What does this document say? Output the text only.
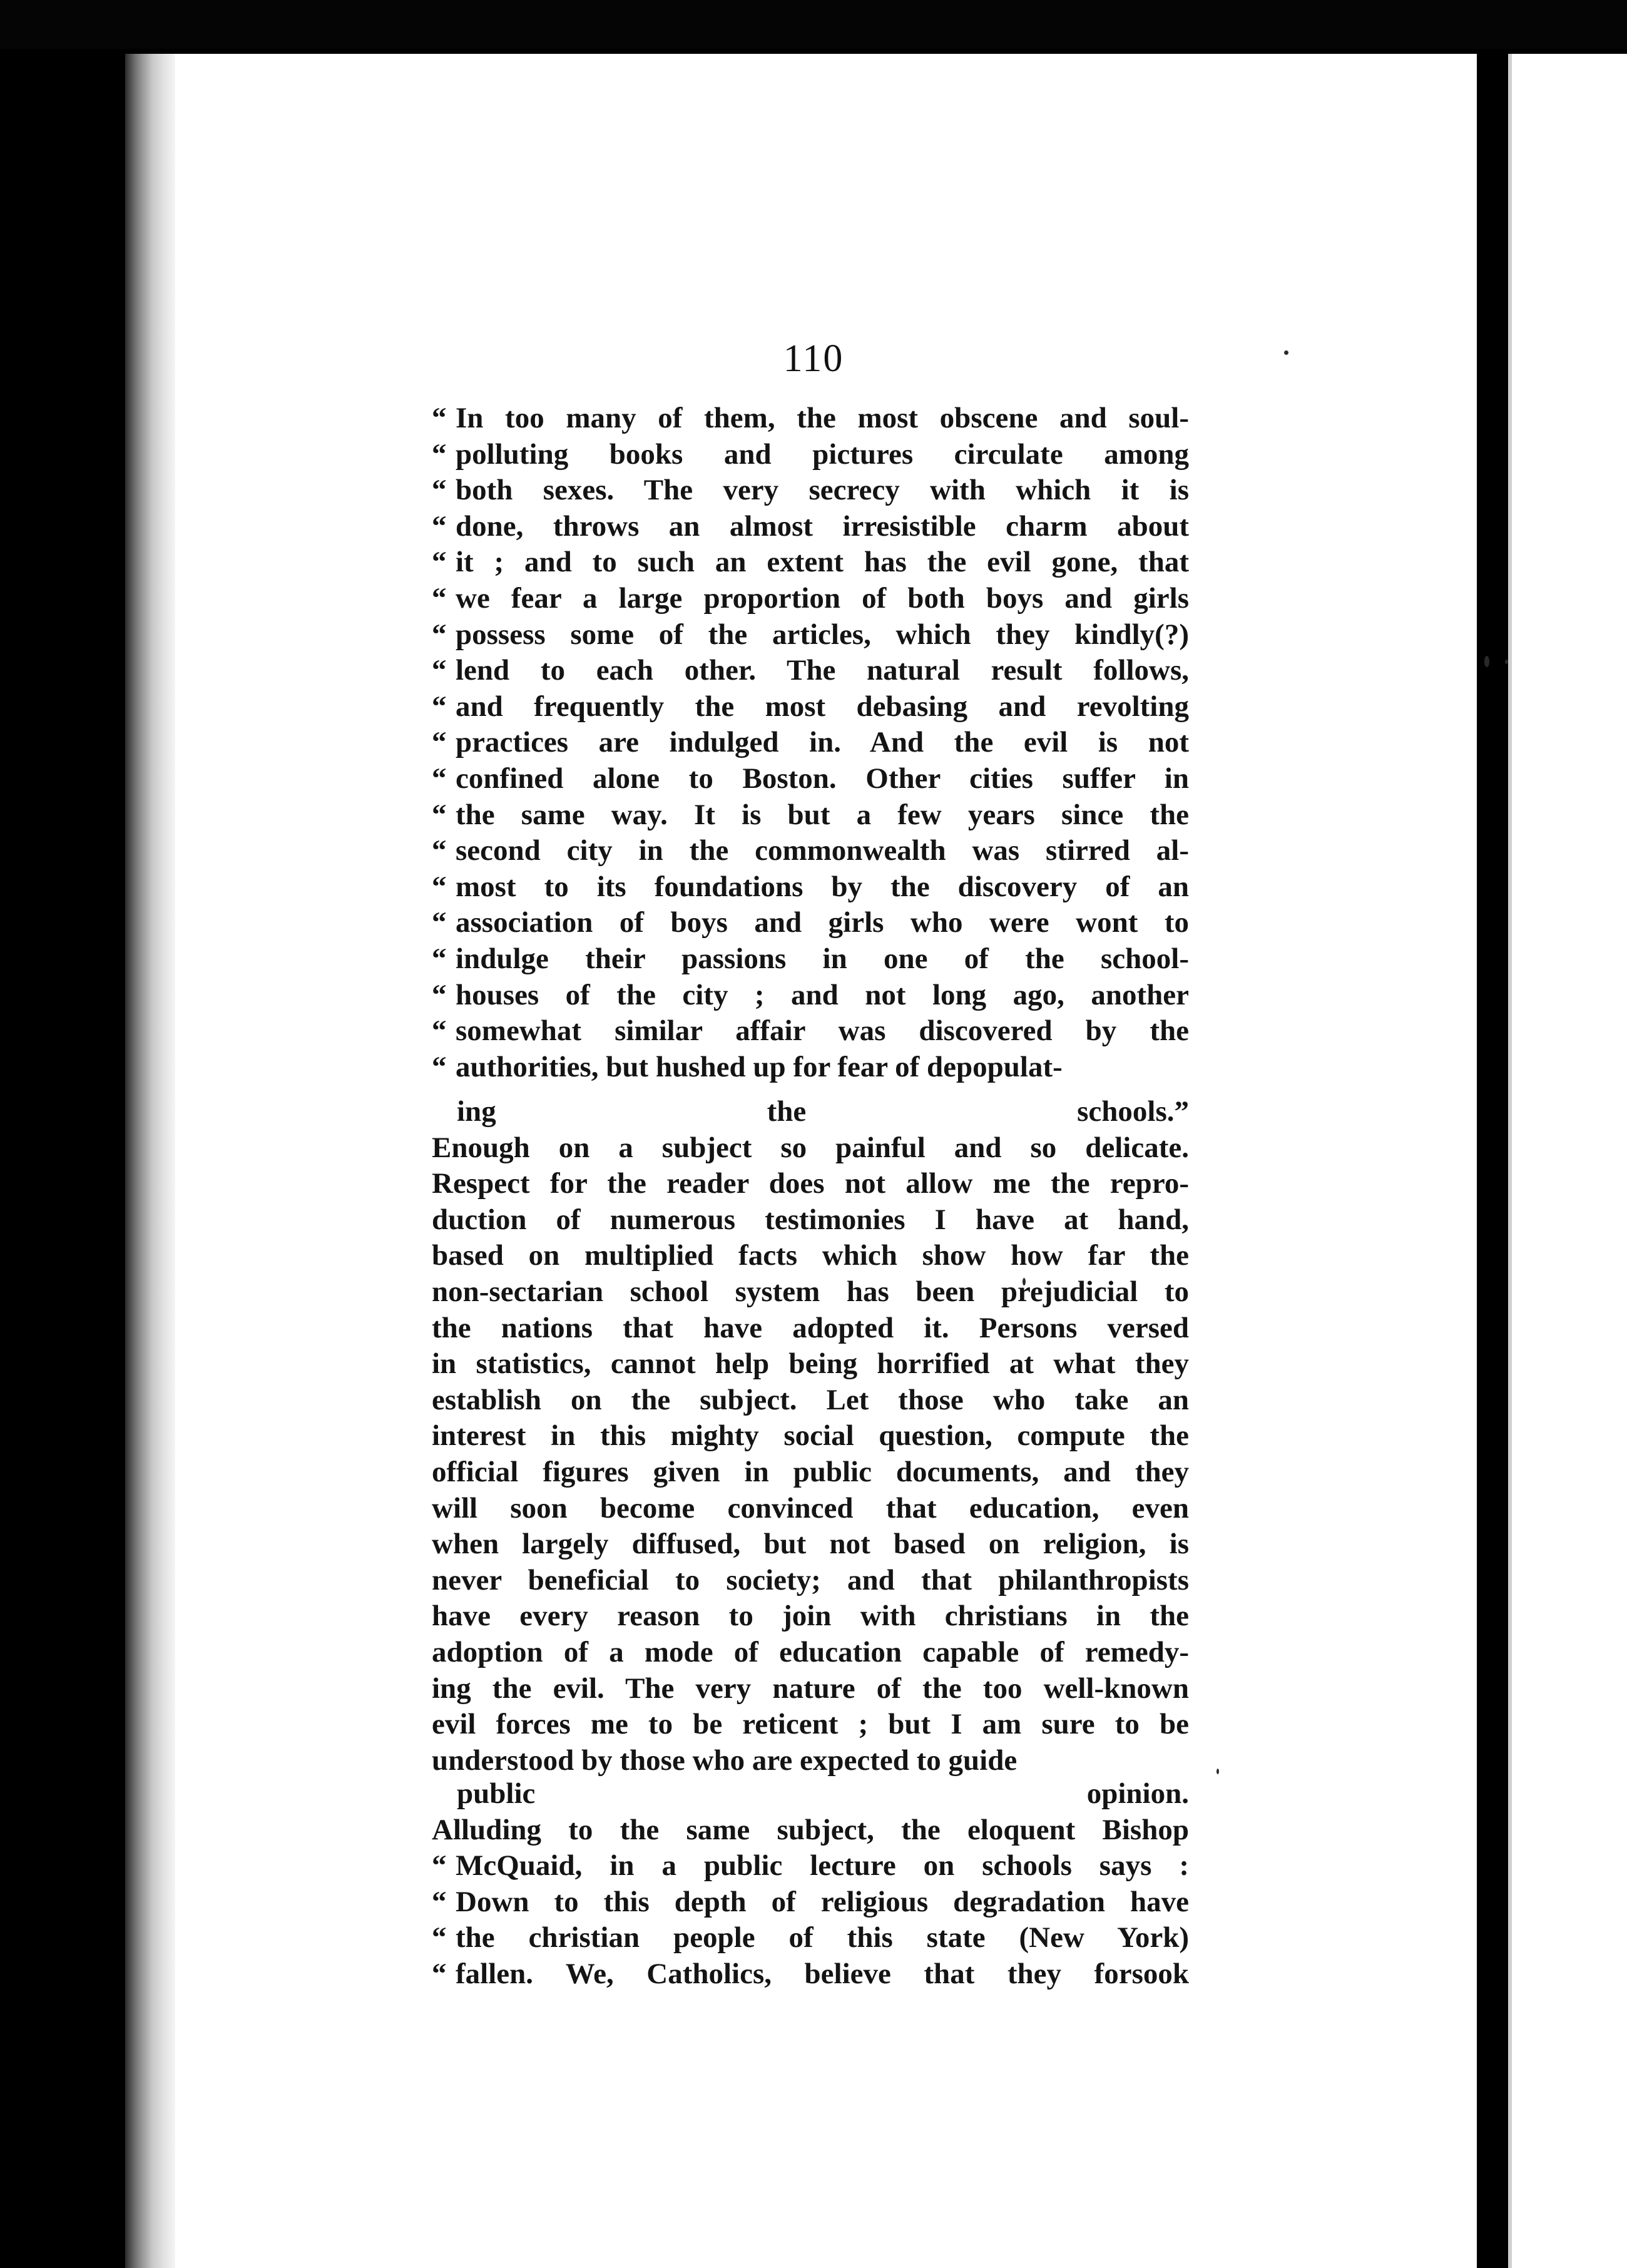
110
“ In too many of them, the most obscene and soul-
“ polluting books and pictures circulate among
“ both sexes. The very secrecy with which it is
“ done, throws an almost irresistible charm about
“ it ; and to such an extent has the evil gone, that
“ we fear a large proportion of both boys and girls
“ possess some of the articles, which they kindly(?)
“ lend to each other. The natural result follows,
“ and frequently the most debasing and revolting
“ practices are indulged in. And the evil is not
“ confined alone to Boston. Other cities suffer in
“ the same way. It is but a few years since the
“ second city in the commonwealth was stirred al-
“ most to its foundations by the discovery of an
“ association of boys and girls who were wont to
“ indulge their passions in one of the school-
“ houses of the city ; and not long ago, another
“ somewhat similar affair was discovered by the
“ authorities, but hushed up for fear of depopulat-
ing the schools.”
Enough on a subject so painful and so delicate.
Respect for the reader does not allow me the repro-
duction of numerous testimonies I have at hand,
based on multiplied facts which show how far the
non-sectarian school system has been prejudicial to
the nations that have adopted it. Persons versed
in statistics, cannot help being horrified at what they
establish on the subject. Let those who take an
interest in this mighty social question, compute the
official figures given in public documents, and they
will soon become convinced that education, even
when largely diffused, but not based on religion, is
never beneficial to society; and that philanthropists
have every reason to join with christians in the
adoption of a mode of education capable of remedy-
ing the evil. The very nature of the too well-known
evil forces me to be reticent ; but I am sure to be
understood by those who are expected to guide
public opinion.
Alluding to the same subject, the eloquent Bishop
“ McQuaid, in a public lecture on schools says :
“ Down to this depth of religious degradation have
“ the christian people of this state (New York)
“ fallen. We, Catholics, believe that they forsook
